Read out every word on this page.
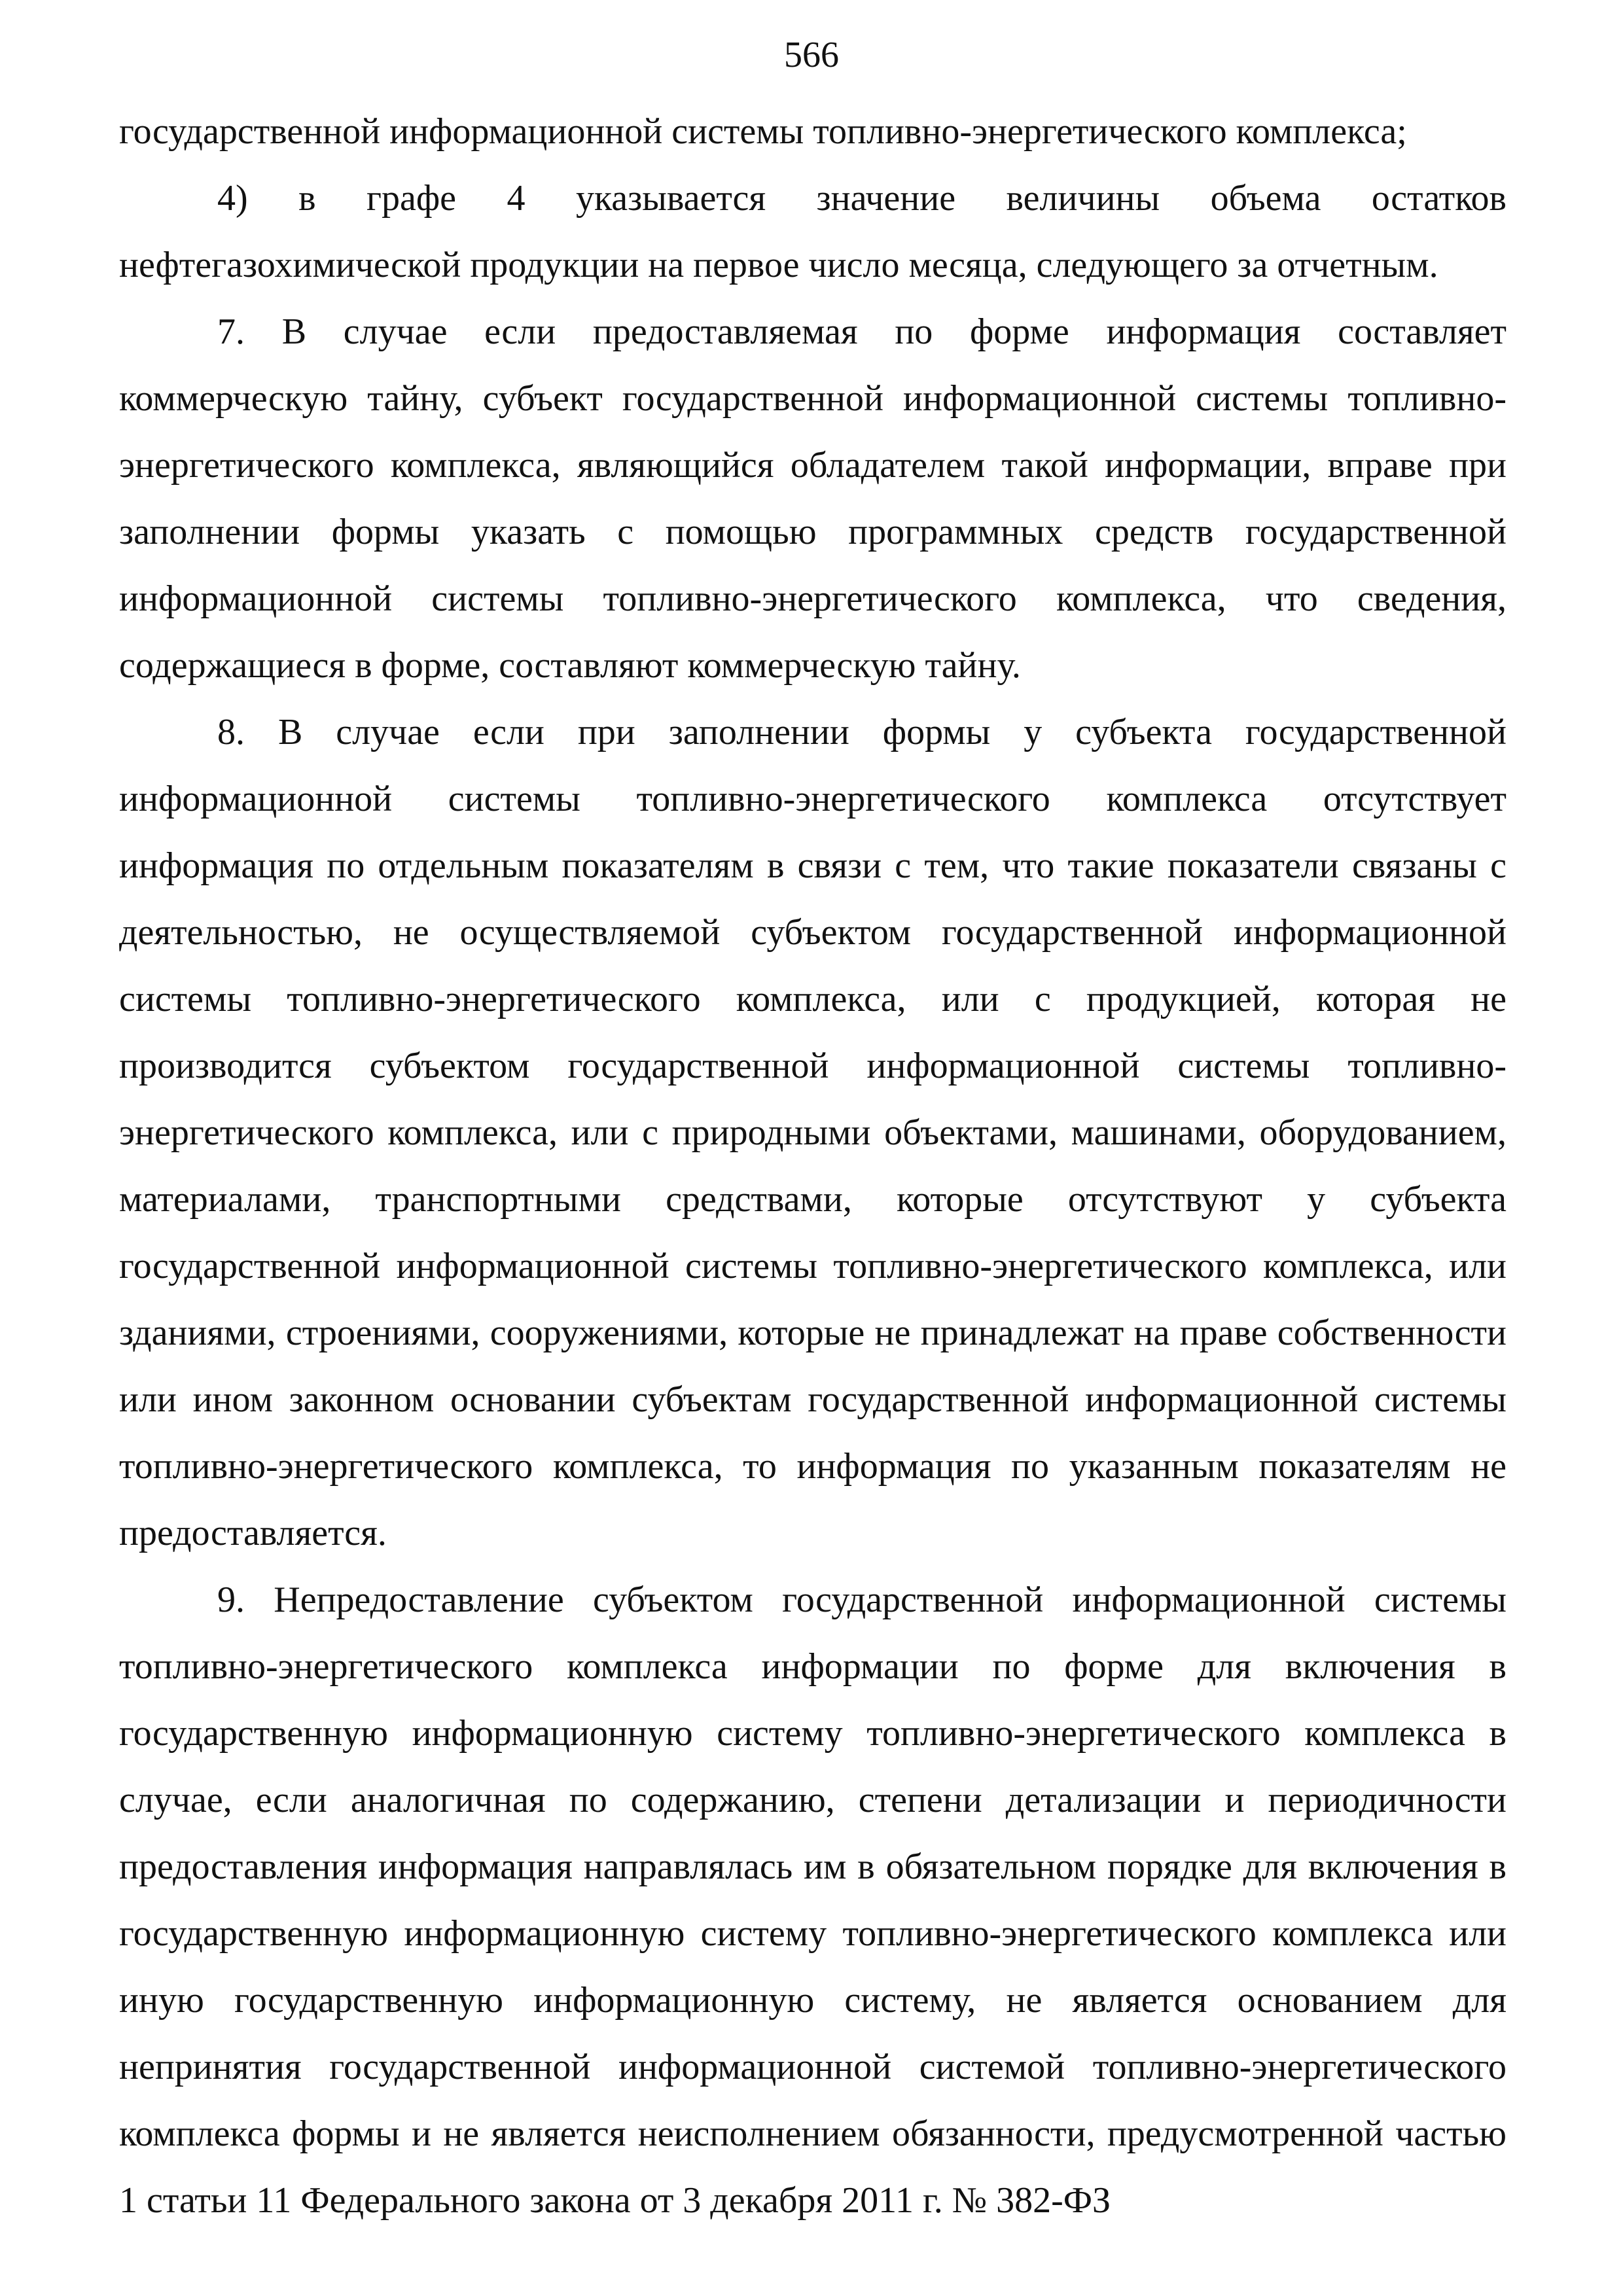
566

государственной информационной системы топливно-энергетического комплекса;

4) в графе 4 указывается значение величины объема остатков нефтегазохимической продукции на первое число месяца, следующего за отчетным.

7. В случае если предоставляемая по форме информация составляет коммерческую тайну, субъект государственной информационной системы топливно-энергетического комплекса, являющийся обладателем такой информации, вправе при заполнении формы указать с помощью программных средств государственной информационной системы топливно-энергетического комплекса, что сведения, содержащиеся в форме, составляют коммерческую тайну.

8. В случае если при заполнении формы у субъекта государственной информационной системы топливно-энергетического комплекса отсутствует информация по отдельным показателям в связи с тем, что такие показатели связаны с деятельностью, не осуществляемой субъектом государственной информационной системы топливно-энергетического комплекса, или с продукцией, которая не производится субъектом государственной информационной системы топливно-энергетического комплекса, или с природными объектами, машинами, оборудованием, материалами, транспортными средствами, которые отсутствуют у субъекта государственной информационной системы топливно-энергетического комплекса, или зданиями, строениями, сооружениями, которые не принадлежат на праве собственности или ином законном основании субъектам государственной информационной системы топливно-энергетического комплекса, то информация по указанным показателям не предоставляется.

9. Непредоставление субъектом государственной информационной системы топливно-энергетического комплекса информации по форме для включения в государственную информационную систему топливно-энергетического комплекса в случае, если аналогичная по содержанию, степени детализации и периодичности предоставления информация направлялась им в обязательном порядке для включения в государственную информационную систему топливно-энергетического комплекса или иную государственную информационную систему, не является основанием для непринятия государственной информационной системой топливно-энергетического комплекса формы и не является неисполнением обязанности, предусмотренной частью 1 статьи 11 Федерального закона от 3 декабря 2011 г. № 382-ФЗ
